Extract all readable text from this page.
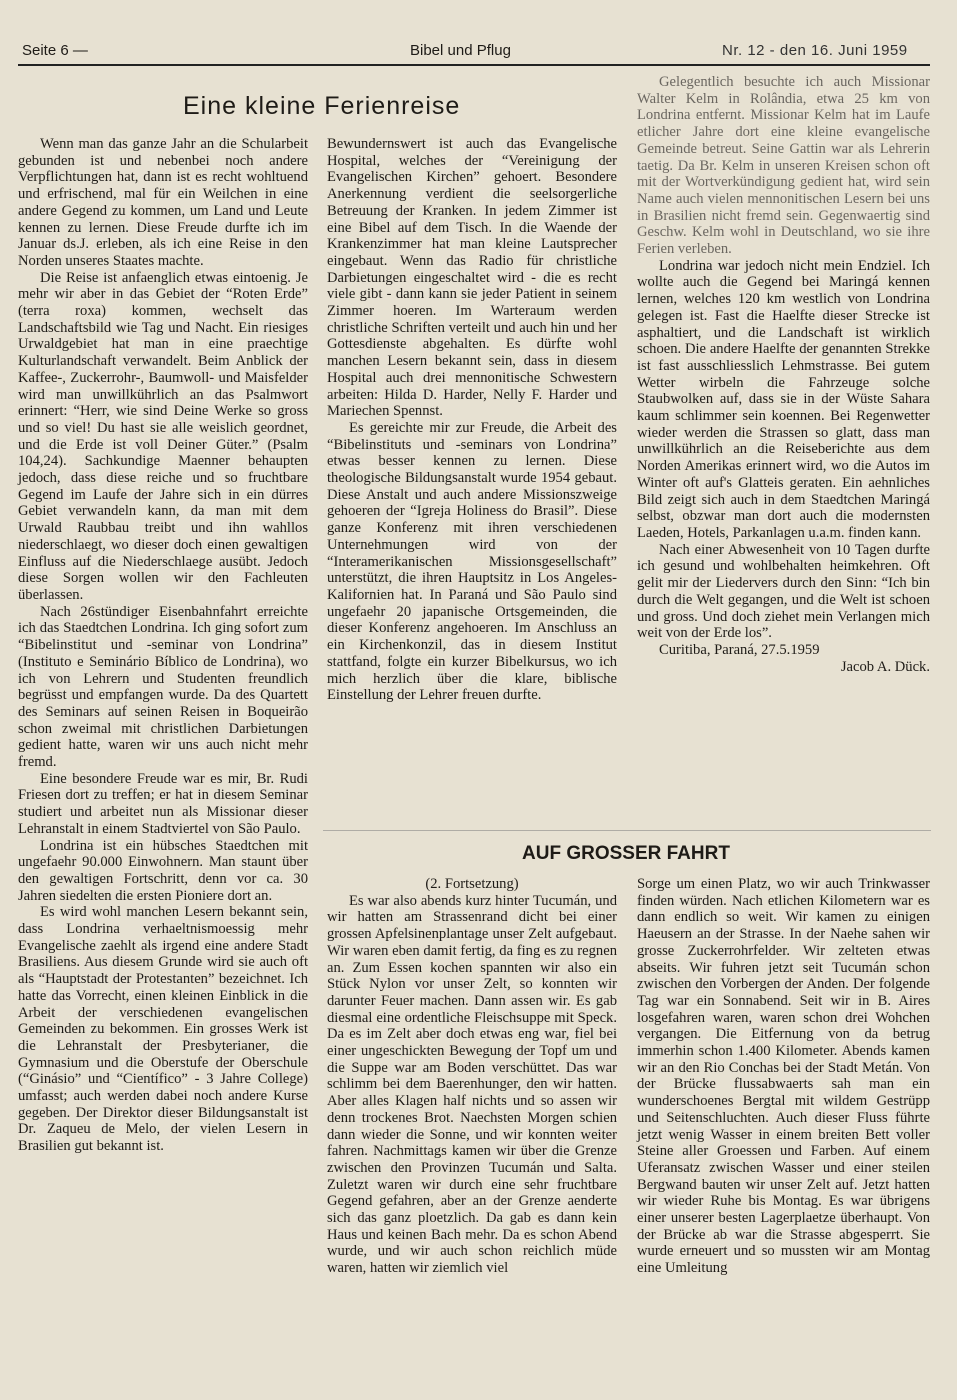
Seite 6 —	Bibel und Pflug	Nr. 12 - den 16. Juni 1959
Eine kleine Ferienreise

Wenn man das ganze Jahr an die Schularbeit gebunden ist und nebenbei noch andere Verpflichtungen hat, dann ist es recht wohltuend und erfrischend, mal für ein Weilchen in eine andere Gegend zu kommen, um Land und Leute kennen zu lernen. Diese Freude durfte ich im Januar ds.J. erleben, als ich eine Reise in den Norden unseres Staates machte.

Die Reise ist anfaenglich etwas eintoenig. Je mehr wir aber in das Gebiet der “Roten Erde” (terra roxa) kommen, wechselt das Landschaftsbild wie Tag und Nacht. Ein riesiges Urwaldgebiet hat man in eine praechtige Kulturlandschaft verwandelt. Beim Anblick der Kaffee-, Zuckerrohr-, Baumwoll- und Maisfelder wird man unwillkührlich an das Psalmwort erinnert: “Herr, wie sind Deine Werke so gross und so viel! Du hast sie alle weislich geordnet, und die Erde ist voll Deiner Güter.” (Psalm 104,24). Sachkundige Maenner behaupten jedoch, dass diese reiche und so fruchtbare Gegend im Laufe der Jahre sich in ein dürres Gebiet verwandeln kann, da man mit dem Urwald Raubbau treibt und ihn wahllos niederschlaegt, wo dieser doch einen gewaltigen Einfluss auf die Niederschlaege ausübt. Jedoch diese Sorgen wollen wir den Fachleuten überlassen.

Nach 26stündiger Eisenbahnfahrt erreichte ich das Staedtchen Londrina. Ich ging sofort zum “Bibelinstitut und -seminar von Londrina” (Instituto e Seminário Bíblico de Londrina), wo ich von Lehrern und Studenten freundlich begrüsst und empfangen wurde. Da des Quartett des Seminars auf seinen Reisen in Boqueirão schon zweimal mit christlichen Darbietungen gedient hatte, waren wir uns auch nicht mehr fremd.

Eine besondere Freude war es mir, Br. Rudi Friesen dort zu treffen; er hat in diesem Seminar studiert und arbeitet nun als Missionar dieser Lehranstalt in einem Stadtviertel von São Paulo.

Londrina ist ein hübsches Staedtchen mit ungefaehr 90.000 Einwohnern. Man staunt über den gewaltigen Fortschritt, denn vor ca. 30 Jahren siedelten die ersten Pioniere dort an.

Es wird wohl manchen Lesern bekannt sein, dass Londrina verhaeltnismoessig mehr Evangelische zaehlt als irgend eine andere Stadt Brasiliens. Aus diesem Grunde wird sie auch oft als “Hauptstadt der Protestanten” bezeichnet. Ich hatte das Vorrecht, einen kleinen Einblick in die Arbeit der verschiedenen evangelischen Gemeinden zu bekommen. Ein grosses Werk ist die Lehranstalt der Presbyterianer, die Gymnasium und die Oberstufe der Oberschule (“Ginásio” und “Científico” - 3 Jahre College) umfasst; auch werden dabei noch andere Kurse gegeben. Der Direktor dieser Bildungsanstalt ist Dr. Zaqueu de Melo, der vielen Lesern in Brasilien gut bekannt ist.

Bewundernswert ist auch das Evangelische Hospital, welches der “Vereinigung der Evangelischen Kirchen” gehoert. Besondere Anerkennung verdient die seelsorgerliche Betreuung der Kranken. In jedem Zimmer ist eine Bibel auf dem Tisch. In die Waende der Krankenzimmer hat man kleine Lautsprecher eingebaut. Wenn das Radio für christliche Darbietungen eingeschaltet wird - die es recht viele gibt - dann kann sie jeder Patient in seinem Zimmer hoeren. Im Warteraum werden christliche Schriften verteilt und auch hin und her Gottesdienste abgehalten. Es dürfte wohl manchen Lesern bekannt sein, dass in diesem Hospital auch drei mennonitische Schwestern arbeiten: Hilda D. Harder, Nelly F. Harder und Mariechen Spennst.

Es gereichte mir zur Freude, die Arbeit des “Bibelinstituts und -seminars von Londrina” etwas besser kennen zu lernen. Diese theologische Bildungsanstalt wurde 1954 gebaut. Diese Anstalt und auch andere Missionszweige gehoeren der “Igreja Holiness do Brasil”. Diese ganze Konferenz mit ihren verschiedenen Unternehmungen wird von der “Interamerikanischen Missionsgesellschaft” unterstützt, die ihren Hauptsitz in Los Angeles-Kalifornien hat. In Paraná und São Paulo sind ungefaehr 20 japanische Ortsgemeinden, die dieser Konferenz angehoeren. Im Anschluss an ein Kirchenkonzil, das in diesem Institut stattfand, folgte ein kurzer Bibelkursus, wo ich mich herzlich über die klare, biblische Einstellung der Lehrer freuen durfte.

Gelegentlich besuchte ich auch Missionar Walter Kelm in Rolândia, etwa 25 km von Londrina entfernt. Missionar Kelm hat im Laufe etlicher Jahre dort eine kleine evangelische Gemeinde betreut. Seine Gattin war als Lehrerin taetig. Da Br. Kelm in unseren Kreisen schon oft mit der Wortverkündigung gedient hat, wird sein Name auch vielen mennonitischen Lesern bei uns in Brasilien nicht fremd sein. Gegenwaertig sind Geschw. Kelm wohl in Deutschland, wo sie ihre Ferien verleben.

Londrina war jedoch nicht mein Endziel. Ich wollte auch die Gegend bei Maringá kennen lernen, welches 120 km westlich von Londrina gelegen ist. Fast die Haelfte dieser Strecke ist asphaltiert, und die Landschaft ist wirklich schoen. Die andere Haelfte der genannten Strekke ist fast ausschliesslich Lehmstrasse. Bei gutem Wetter wirbeln die Fahrzeuge solche Staubwolken auf, dass sie in der Wüste Sahara kaum schlimmer sein koennen. Bei Regenwetter wieder werden die Strassen so glatt, dass man unwillkührlich an die Reiseberichte aus dem Norden Amerikas erinnert wird, wo die Autos im Winter oft auf's Glatteis geraten. Ein aehnliches Bild zeigt sich auch in dem Staedtchen Maringá selbst, obzwar man dort auch die modernsten Laeden, Hotels, Parkanlagen u.a.m. finden kann.

Nach einer Abwesenheit von 10 Tagen durfte ich gesund und wohlbehalten heimkehren. Oft gelit mir der Liedervers durch den Sinn: “Ich bin durch die Welt gegangen, und die Welt ist schoen und gross. Und doch ziehet mein Verlangen mich weit von der Erde los”.

Curitiba, Paraná, 27.5.1959

Jacob A. Dück.

AUF GROSSER FAHRT

(2. Fortsetzung)

Es war also abends kurz hinter Tucumán, und wir hatten am Strassenrand dicht bei einer grossen Apfelsinenplantage unser Zelt aufgebaut. Wir waren eben damit fertig, da fing es zu regnen an. Zum Essen kochen spannten wir also ein Stück Nylon vor unser Zelt, so konnten wir darunter Feuer machen. Dann assen wir. Es gab diesmal eine ordentliche Fleischsuppe mit Speck. Da es im Zelt aber doch etwas eng war, fiel bei einer ungeschickten Bewegung der Topf um und die Suppe war am Boden verschüttet. Das war schlimm bei dem Baerenhunger, den wir hatten. Aber alles Klagen half nichts und so assen wir denn trockenes Brot. Naechsten Morgen schien dann wieder die Sonne, und wir konnten weiter fahren. Nachmittags kamen wir über die Grenze zwischen den Provinzen Tucumán und Salta. Zuletzt waren wir durch eine sehr fruchtbare Gegend gefahren, aber an der Grenze aenderte sich das ganz ploetzlich. Da gab es dann kein Haus und keinen Bach mehr. Da es schon Abend wurde, und wir auch schon reichlich müde waren, hatten wir ziemlich viel

Sorge um einen Platz, wo wir auch Trinkwasser finden würden. Nach etlichen Kilometern war es dann endlich so weit. Wir kamen zu einigen Haeusern an der Strasse. In der Naehe sahen wir grosse Zuckerrohrfelder. Wir zelteten etwas abseits. Wir fuhren jetzt seit Tucumán schon zwischen den Vorbergen der Anden. Der folgende Tag war ein Sonnabend. Seit wir in B. Aires losgefahren waren, waren schon drei Wohchen vergangen. Die Eitfernung von da betrug immerhin schon 1.400 Kilometer. Abends kamen wir an den Rio Conchas bei der Stadt Metán. Von der Brücke flussabwaerts sah man ein wunderschoenes Bergtal mit wildem Gestrüpp und Seitenschluchten. Auch dieser Fluss führte jetzt wenig Wasser in einem breiten Bett voller Steine aller Groessen und Farben. Auf einem Uferansatz zwischen Wasser und einer steilen Bergwand bauten wir unser Zelt auf. Jetzt hatten wir wieder Ruhe bis Montag. Es war übrigens einer unserer besten Lagerplaetze überhaupt. Von der Brücke ab war die Strasse abgesperrt. Sie wurde erneuert und so mussten wir am Montag eine Umleitung
